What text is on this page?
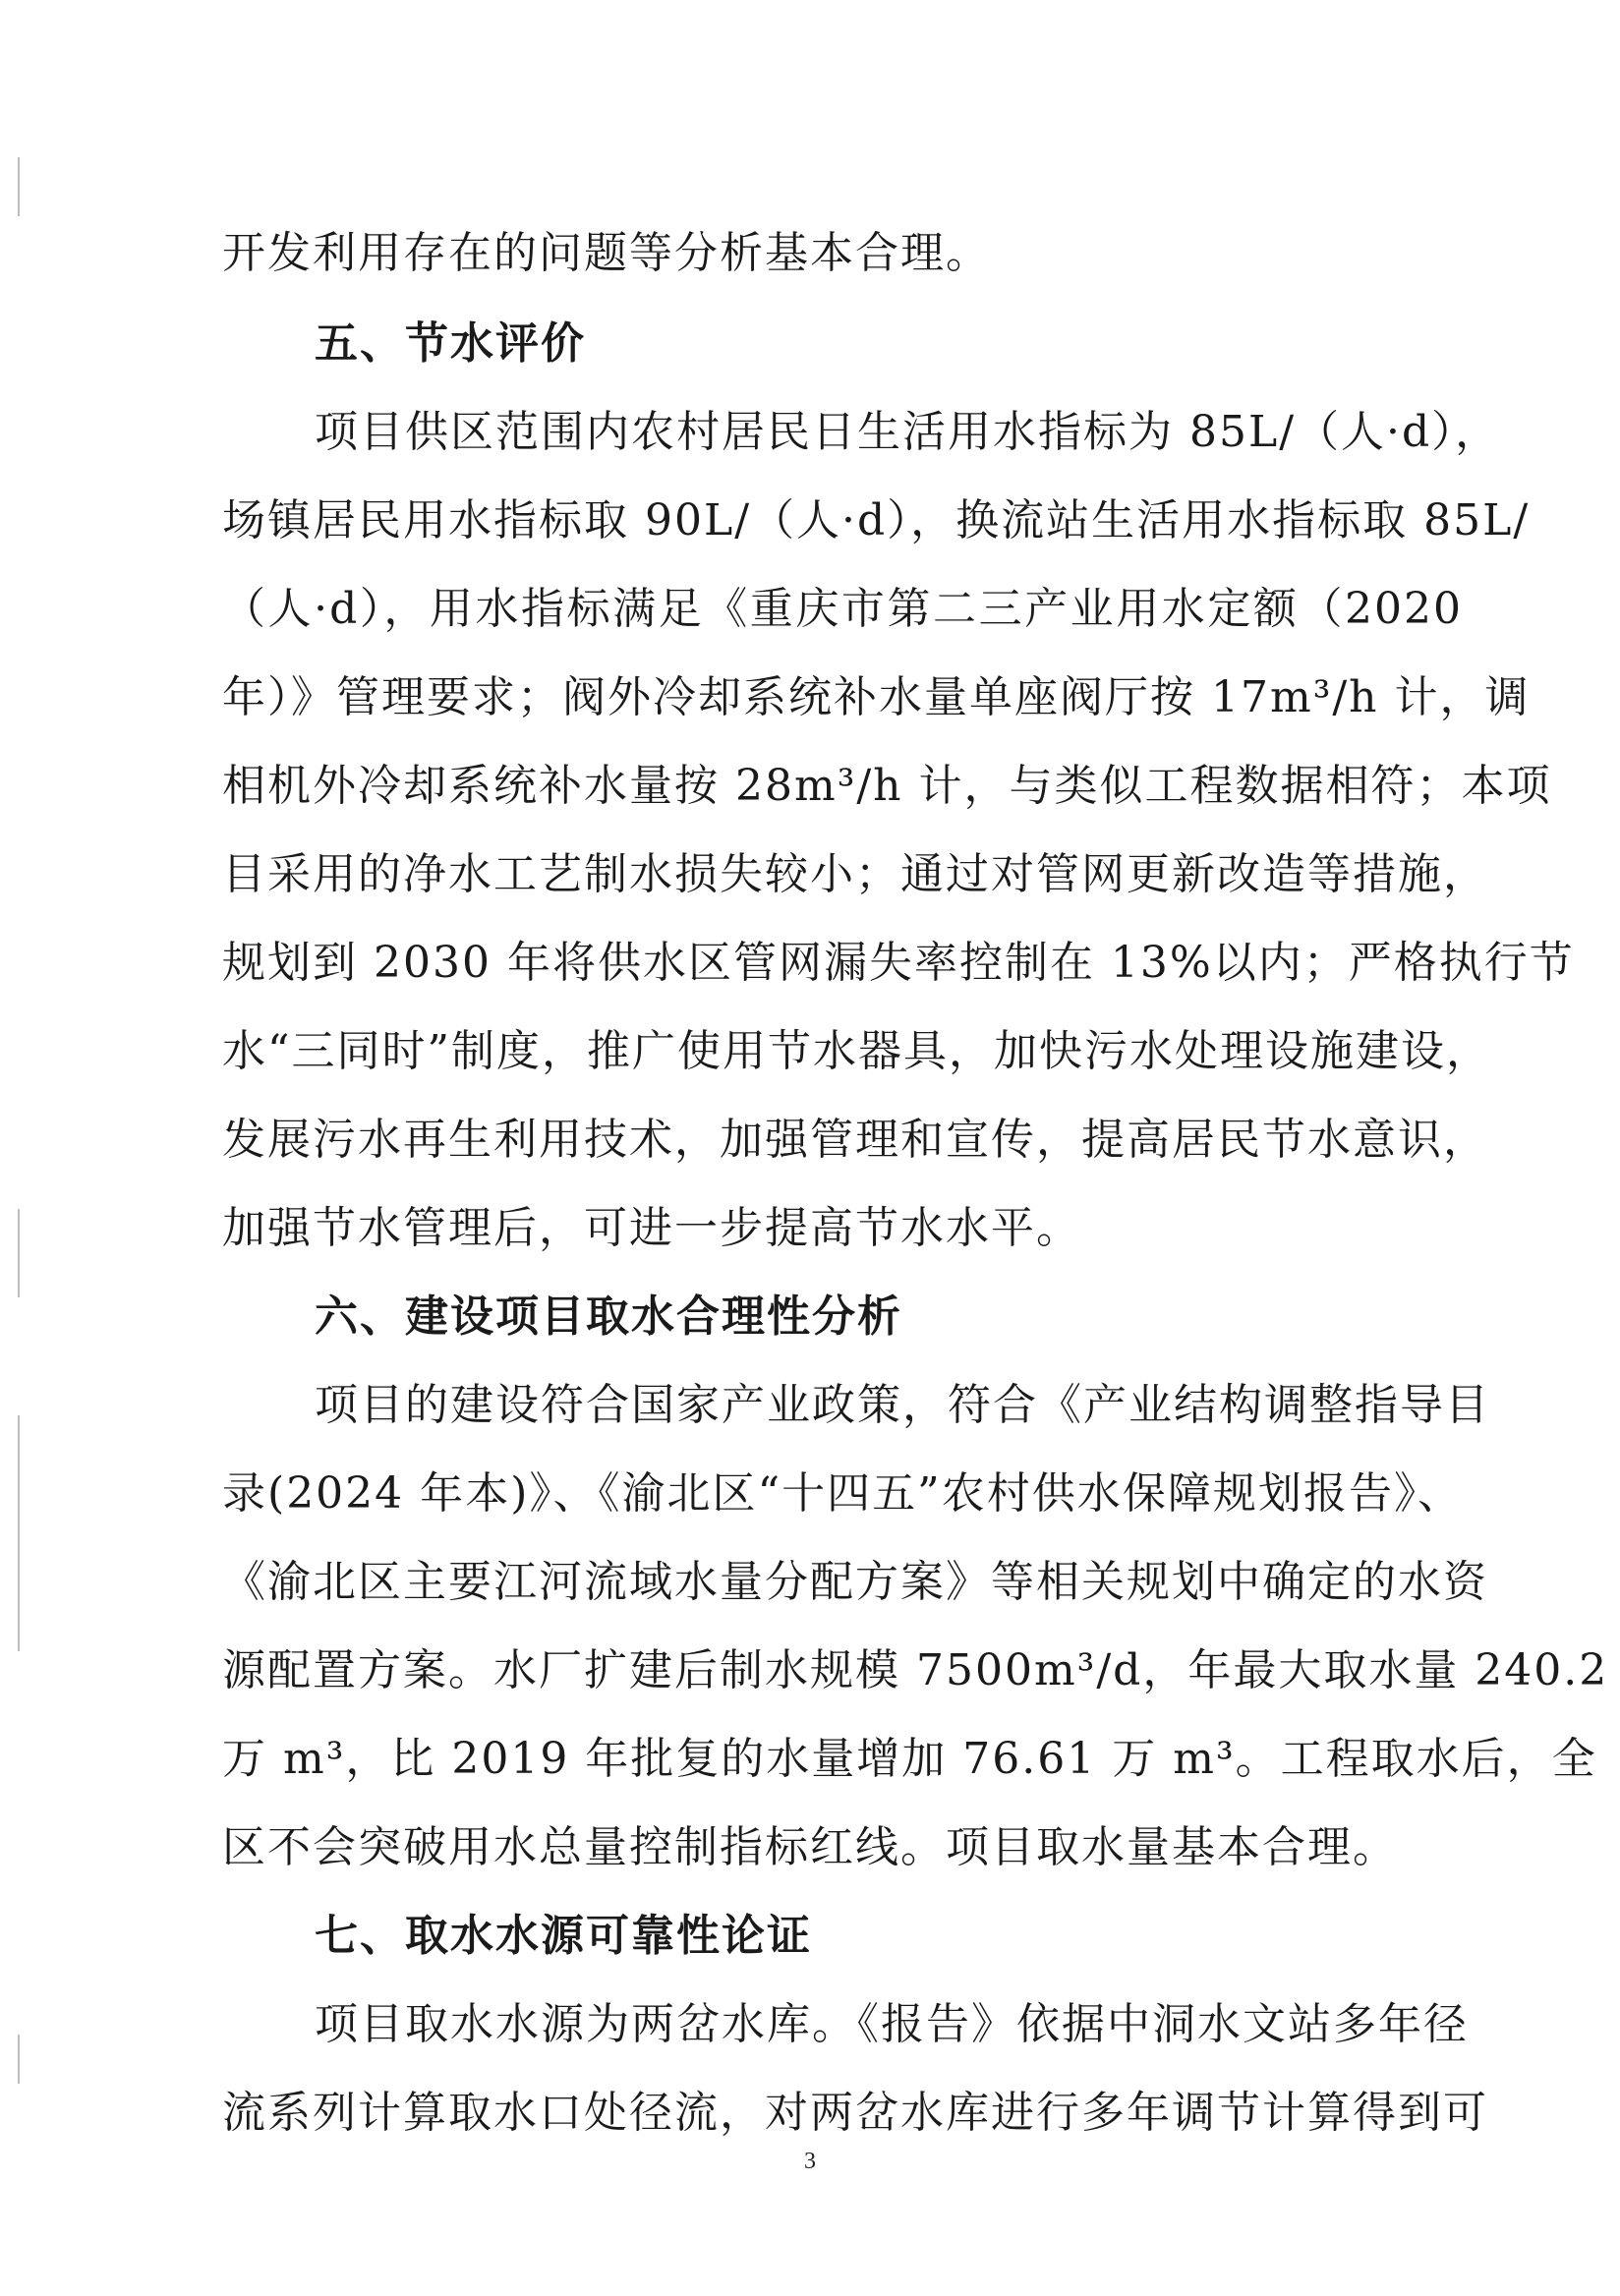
开发利用存在的问题等分析基本合理。
五、节水评价
项目供区范围内农村居民日生活用水指标为 85L/（人·d），
场镇居民用水指标取 90L/（人·d），换流站生活用水指标取 85L/
（人·d），用水指标满足《重庆市第二三产业用水定额（2020
年）》管理要求；阀外冷却系统补水量单座阀厅按 17m³/h 计，调
相机外冷却系统补水量按 28m³/h 计，与类似工程数据相符；本项
目采用的净水工艺制水损失较小；通过对管网更新改造等措施，
规划到 2030 年将供水区管网漏失率控制在 13%以内；严格执行节
水“三同时”制度，推广使用节水器具，加快污水处理设施建设，
发展污水再生利用技术，加强管理和宣传，提高居民节水意识，
加强节水管理后，可进一步提高节水水平。
六、建设项目取水合理性分析
项目的建设符合国家产业政策，符合《产业结构调整指导目
录(2024 年本)》、《渝北区“十四五”农村供水保障规划报告》、
《渝北区主要江河流域水量分配方案》等相关规划中确定的水资
源配置方案。水厂扩建后制水规模 7500m³/d，年最大取水量 240.2
万 m³，比 2019 年批复的水量增加 76.61 万 m³。工程取水后，全
区不会突破用水总量控制指标红线。项目取水量基本合理。
七、取水水源可靠性论证
项目取水水源为两岔水库。《报告》依据中洞水文站多年径
流系列计算取水口处径流，对两岔水库进行多年调节计算得到可
3
